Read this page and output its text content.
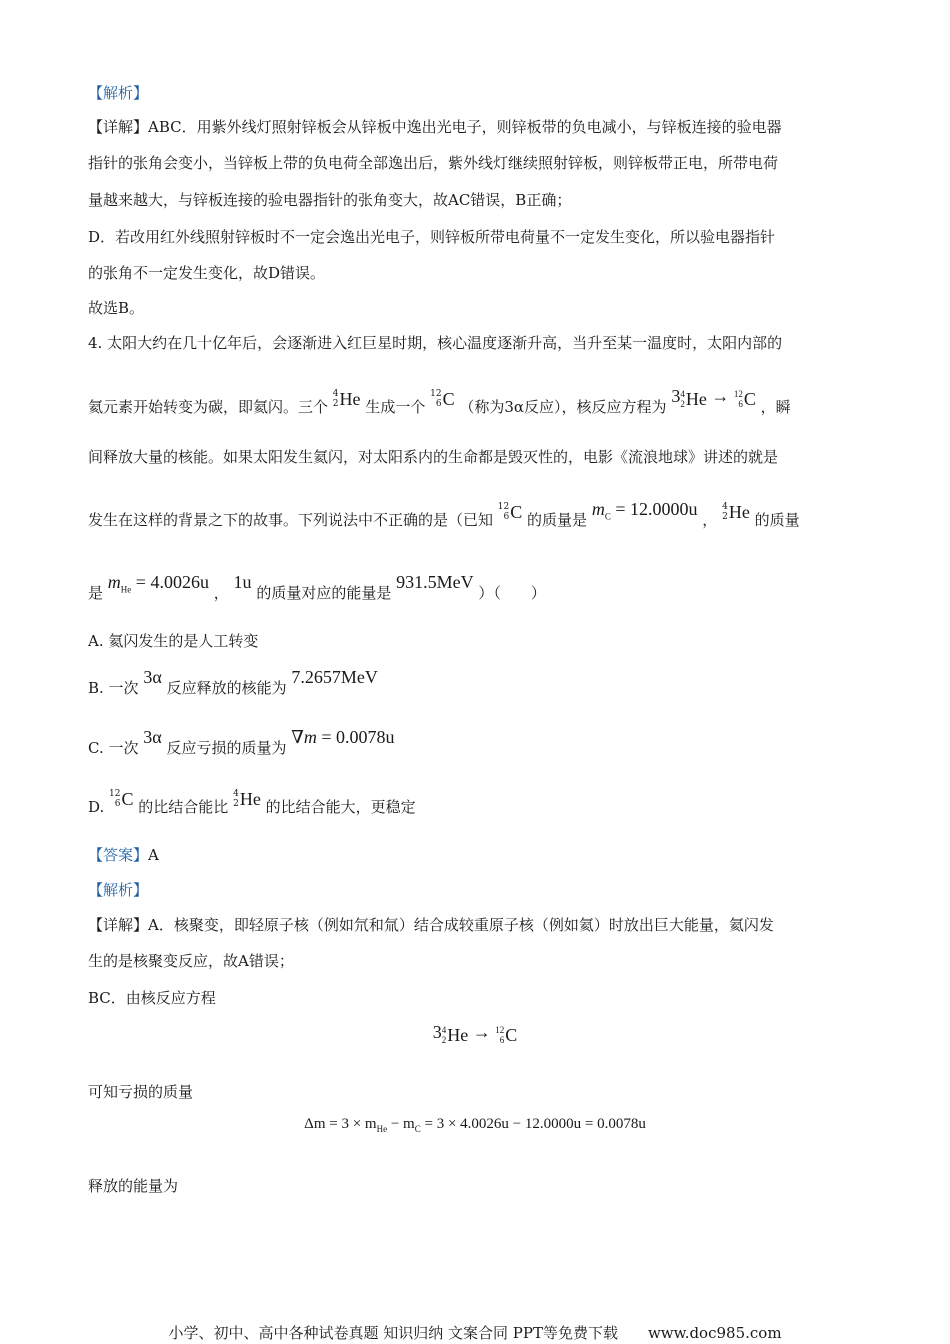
【解析】
【详解】ABC．用紫外线灯照射锌板会从锌板中逸出光电子，则锌板带的负电减小，与锌板连接的验电器
指针的张角会变小，当锌板上带的负电荷全部逸出后，紫外线灯继续照射锌板，则锌板带正电，所带电荷
量越来越大，与锌板连接的验电器指针的张角变大，故AC错误，B正确；
D．若改用红外线照射锌板时不一定会逸出光电子，则锌板所带电荷量不一定发生变化，所以验电器指针
的张角不一定发生变化，故D错误。
故选B。
4. 太阳大约在几十亿年后，会逐渐进入红巨星时期，核心温度逐渐升高，当升至某一温度时，太阳内部的
氦元素开始转变为碳，即氦闪。三个
4
2 He 生成一个
12
6 C （称为3α反应），核反应方程为 3 4
2 He → 12
6 C ，瞬
间释放大量的核能。如果太阳发生氦闪，对太阳系内的生命都是毁灭性的，电影《流浪地球》讲述的就是
发生在这样的背景之下的故事。下列说法中不正确的是（已知
12
6 C 的质量是 $m_C = 12.0000u$ ，
4
2 He 的质量
是 $m_{He} = 4.0026u$ ， 1u 的质量对应的能量是 931.5MeV ）（　　）
A. 氦闪发生的是人工转变
B. 一次 3α 反应释放的核能为 7.2657MeV
C. 一次 3α 反应亏损的质量为 ∇m = 0.0078u
D.
12
6 C 的比结合能比
4
2 He 的比结合能大，更稳定
【答案】A
【解析】
【详解】A．核聚变，即轻原子核（例如氘和氚）结合成较重原子核（例如氦）时放出巨大能量，氦闪发
生的是核聚变反应，故A错误；
BC．由核反应方程
3 4
2 He → 12
6 C
可知亏损的质量
$\Delta m = 3 \times m_{He} - m_C = 3 \times 4.0026u - 12.0000u = 0.0078u$
释放的能量为
小学、初中、高中各种试卷真题 知识归纳 文案合同 PPT等免费下载　　www.doc985.com
